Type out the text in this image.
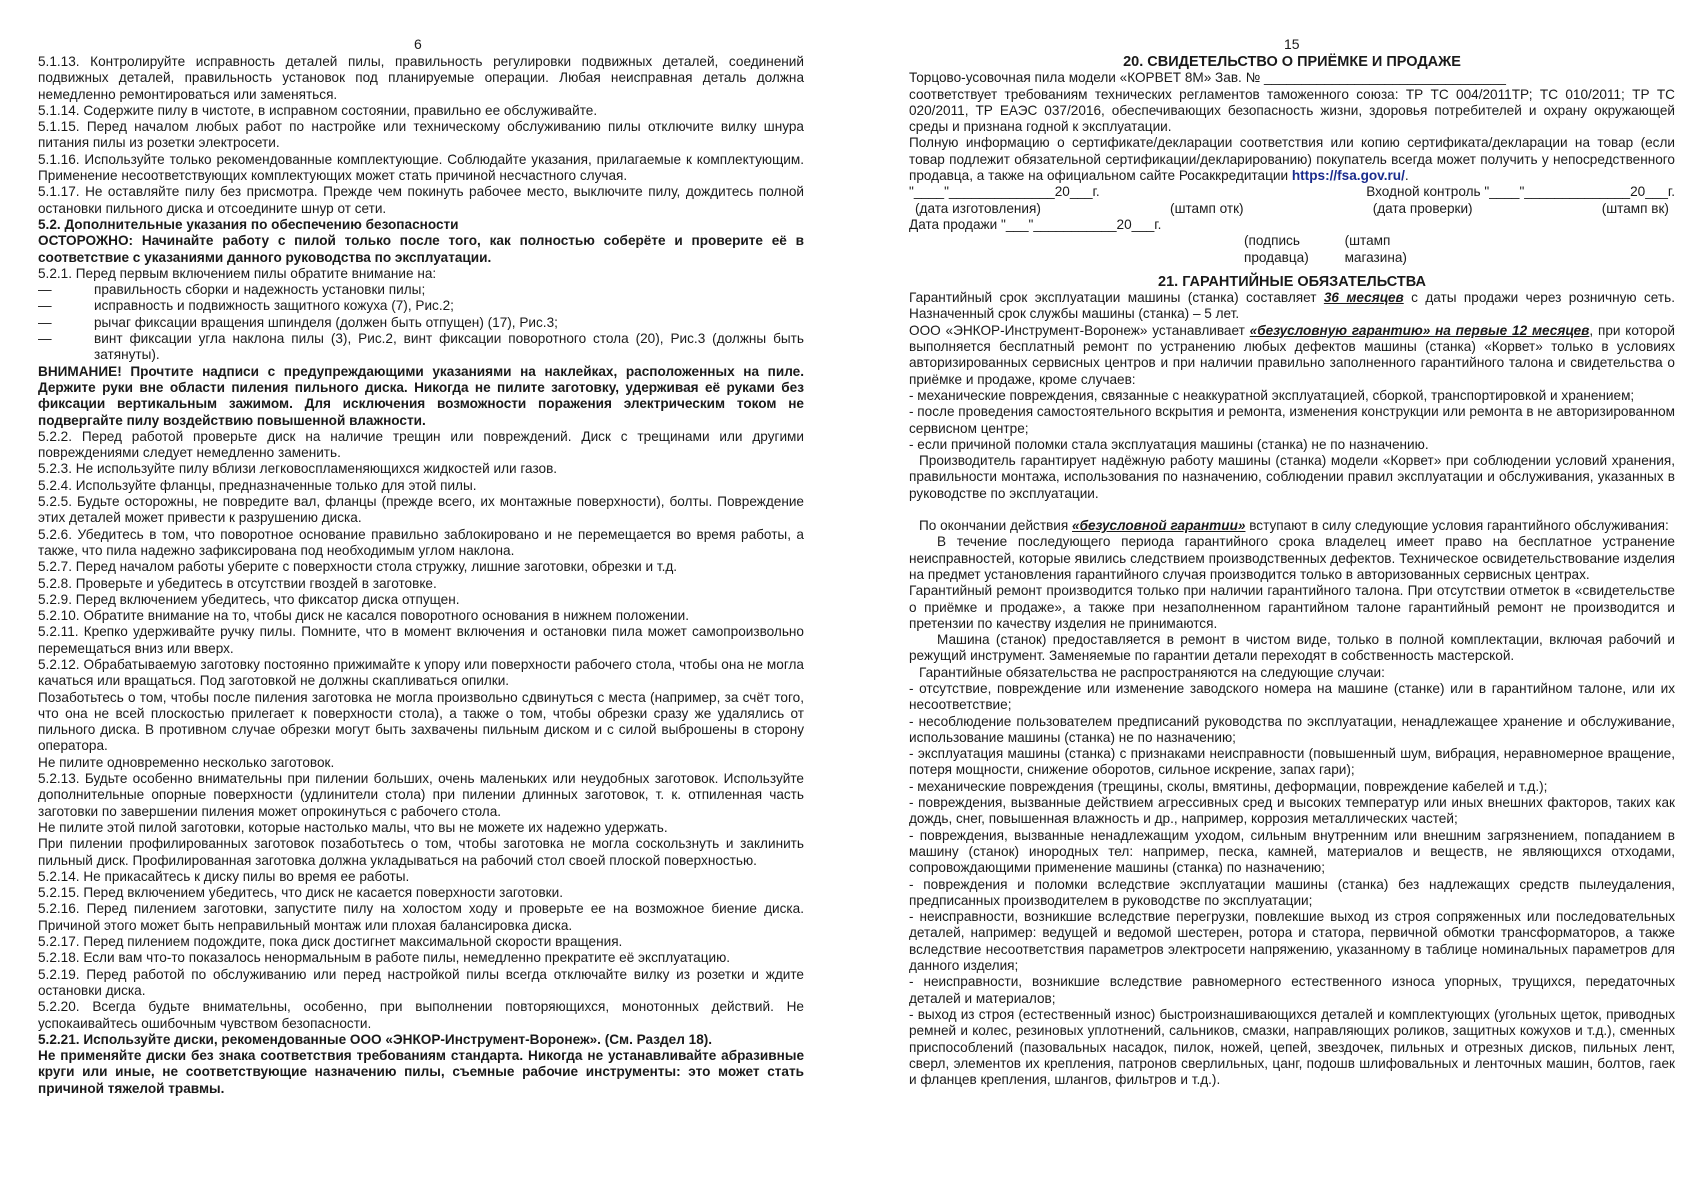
6

5.1.13. Контролируйте исправность деталей пилы, правильность регулировки подвижных деталей, соединений подвижных деталей, правильность установок под планируемые операции. Любая неисправная деталь должна немедленно ремонтироваться или заменяться.

5.1.14. Содержите пилу в чистоте, в исправном состоянии, правильно ее обслуживайте.

5.1.15. Перед началом любых работ по настройке или техническому обслуживанию пилы отключите вилку шнура питания пилы из розетки электросети.

5.1.16. Используйте только рекомендованные комплектующие. Соблюдайте указания, прилагаемые к комплектующим. Применение несоответствующих комплектующих может стать причиной несчастного случая.

5.1.17. Не оставляйте пилу без присмотра. Прежде чем покинуть рабочее место, выключите пилу, дождитесь полной остановки пильного диска и отсоедините шнур от сети.

5.2. Дополнительные указания по обеспечению безопасности

ОСТОРОЖНО: Начинайте работу с пилой только после того, как полностью соберёте и проверите её в соответствие с указаниями данного руководства по эксплуатации.

5.2.1. Перед первым включением пилы обратите внимание на:

—	правильность сборки и надежность установки пилы;
—	исправность и подвижность защитного кожуха (7), Рис.2;
—	рычаг фиксации вращения шпинделя (должен быть отпущен) (17), Рис.3;
—	винт фиксации угла наклона пилы (3), Рис.2, винт фиксации поворотного стола (20), Рис.3 (должны быть затянуты).

ВНИМАНИЕ! Прочтите надписи с предупреждающими указаниями на наклейках, расположенных на пиле. Держите руки вне области пиления пильного диска. Никогда не пилите заготовку, удерживая её руками без фиксации вертикальным зажимом. Для исключения возможности поражения электрическим током не подвергайте пилу воздействию повышенной влажности.

5.2.2. Перед работой проверьте диск на наличие трещин или повреждений. Диск с трещинами или другими повреждениями следует немедленно заменить.

5.2.3. Не используйте пилу вблизи легковоспламеняющихся жидкостей или газов.

5.2.4. Используйте фланцы, предназначенные только для этой пилы.

5.2.5. Будьте осторожны, не повредите вал, фланцы (прежде всего, их монтажные поверхности), болты. Повреждение этих деталей может привести к разрушению диска.

5.2.6. Убедитесь в том, что поворотное основание правильно заблокировано и не перемещается во время работы, а также, что пила надежно зафиксирована под необходимым углом наклона.

5.2.7. Перед началом работы уберите с поверхности стола стружку, лишние заготовки, обрезки и т.д.

5.2.8. Проверьте и убедитесь в отсутствии гвоздей в заготовке.

5.2.9. Перед включением убедитесь, что фиксатор диска отпущен.

5.2.10. Обратите внимание на то, чтобы диск не касался поворотного основания в нижнем положении.

5.2.11. Крепко удерживайте ручку пилы. Помните, что в момент включения и остановки пила может самопроизвольно перемещаться вниз или вверх.

5.2.12. Обрабатываемую заготовку постоянно прижимайте к упору или поверхности рабочего стола, чтобы она не могла качаться или вращаться. Под заготовкой не должны скапливаться опилки.

Позаботьтесь о том, чтобы после пиления заготовка не могла произвольно сдвинуться с места (например, за счёт того, что она не всей плоскостью прилегает к поверхности стола), а также о том, чтобы обрезки сразу же удалялись от пильного диска. В противном случае обрезки могут быть захвачены пильным диском и с силой выброшены в сторону оператора.

Не пилите одновременно несколько заготовок.

5.2.13. Будьте особенно внимательны при пилении больших, очень маленьких или неудобных заготовок. Используйте дополнительные опорные поверхности (удлинители стола) при пилении длинных заготовок, т. к. отпиленная часть заготовки по завершении пиления может опрокинуться с рабочего стола.

Не пилите этой пилой заготовки, которые настолько малы, что вы не можете их надежно удержать.

При пилении профилированных заготовок позаботьтесь о том, чтобы заготовка не могла соскользнуть и заклинить пильный диск. Профилированная заготовка должна укладываться на рабочий стол своей плоской поверхностью.

5.2.14. Не прикасайтесь к диску пилы во время ее работы.

5.2.15. Перед включением убедитесь, что диск не касается поверхности заготовки.

5.2.16. Перед пилением заготовки, запустите пилу на холостом ходу и проверьте ее на возможное биение диска. Причиной этого может быть неправильный монтаж или плохая балансировка диска.

5.2.17. Перед пилением подождите, пока диск достигнет максимальной скорости вращения.

5.2.18. Если вам что-то показалось ненормальным в работе пилы, немедленно прекратите её эксплуатацию.

5.2.19. Перед работой по обслуживанию или перед настройкой пилы всегда отключайте вилку из розетки и ждите остановки диска.

5.2.20. Всегда будьте внимательны, особенно, при выполнении повторяющихся, монотонных действий. Не успокаивайтесь ошибочным чувством безопасности.

5.2.21. Используйте диски, рекомендованные ООО «ЭНКОР-Инструмент-Воронеж». (См. Раздел 18).

Не применяйте диски без знака соответствия требованиям стандарта. Никогда не устанавливайте абразивные круги или иные, не соответствующие назначению пилы, съемные рабочие инструменты: это может стать причиной тяжелой травмы.

15

20. СВИДЕТЕЛЬСТВО О ПРИЁМКЕ И ПРОДАЖЕ

Торцово-усовочная пила модели «КОРВЕТ 8М» Зав. № ________________________________

соответствует требованиям технических регламентов таможенного союза: ТР ТС 004/2011ТР; ТС 010/2011; ТР ТС 020/2011, ТР ЕАЭС 037/2016, обеспечивающих безопасность жизни, здоровья потребителей и охрану окружающей среды и признана годной к эксплуатации.

Полную информацию о сертификате/декларации соответствия или копию сертификата/декларации на товар (если товар подлежит обязательной сертификации/декларированию) покупатель всегда может получить у непосредственного продавца, а также на официальном сайте Росаккредитации https://fsa.gov.ru/.

"____"______________20___г.	Входной контроль "____"______________20___г.
(дата изготовления)	(штамп отк)	(дата проверки)	(штамп вк)
Дата продажи "___"___________20___г.
(подпись продавца)
(штамп магазина)

21. ГАРАНТИЙНЫЕ ОБЯЗАТЕЛЬСТВА

Гарантийный срок эксплуатации машины (станка) составляет 36 месяцев с даты продажи через розничную сеть. Назначенный срок службы машины (станка) – 5 лет.

ООО «ЭНКОР-Инструмент-Воронеж» устанавливает «безусловную гарантию» на первые 12 месяцев, при которой выполняется бесплатный ремонт по устранению любых дефектов машины (станка) «Корвет» только в условиях авторизированных сервисных центров и при наличии правильно заполненного гарантийного талона и свидетельства о приёмке и продаже, кроме случаев:

- механические повреждения, связанные с неаккуратной эксплуатацией, сборкой, транспортировкой и хранением;

- после проведения самостоятельного вскрытия и ремонта, изменения конструкции или ремонта в не авторизированном сервисном центре;

- если причиной поломки стала эксплуатация машины (станка) не по назначению.

Производитель гарантирует надёжную работу машины (станка) модели «Корвет» при соблюдении условий хранения, правильности монтажа, использования по назначению, соблюдении правил эксплуатации и обслуживания, указанных в руководстве по эксплуатации.

По окончании действия «безусловной гарантии» вступают в силу следующие условия гарантийного обслуживания:

В течение последующего периода гарантийного срока владелец имеет право на бесплатное устранение неисправностей, которые явились следствием производственных дефектов. Техническое освидетельствование изделия на предмет установления гарантийного случая производится только в авторизованных сервисных центрах.

Гарантийный ремонт производится только при наличии гарантийного талона. При отсутствии отметок в «свидетельстве о приёмке и продаже», а также при незаполненном гарантийном талоне гарантийный ремонт не производится и претензии по качеству изделия не принимаются.

Машина (станок) предоставляется в ремонт в чистом виде, только в полной комплектации, включая рабочий и режущий инструмент. Заменяемые по гарантии детали переходят в собственность мастерской.

Гарантийные обязательства не распространяются на следующие случаи:

- отсутствие, повреждение или изменение заводского номера на машине (станке) или в гарантийном талоне, или их несоответствие;

- несоблюдение пользователем предписаний руководства по эксплуатации, ненадлежащее хранение и обслуживание, использование машины (станка) не по назначению;

- эксплуатация машины (станка) с признаками неисправности (повышенный шум, вибрация, неравномерное вращение, потеря мощности, снижение оборотов, сильное искрение, запах гари);

- механические повреждения (трещины, сколы, вмятины, деформации, повреждение кабелей и т.д.);

- повреждения, вызванные действием агрессивных сред и высоких температур или иных внешних факторов, таких как дождь, снег, повышенная влажность и др., например, коррозия металлических частей;

- повреждения, вызванные ненадлежащим уходом, сильным внутренним или внешним загрязнением, попаданием в машину (станок) инородных тел: например, песка, камней, материалов и веществ, не являющихся отходами, сопровождающими применение машины (станка) по назначению;

- повреждения и поломки вследствие эксплуатации машины (станка) без надлежащих средств пылеудаления, предписанных производителем в руководстве по эксплуатации;

- неисправности, возникшие вследствие перегрузки, повлекшие выход из строя сопряженных или последовательных деталей, например: ведущей и ведомой шестерен, ротора и статора, первичной обмотки трансформаторов, а также вследствие несоответствия параметров электросети напряжению, указанному в таблице номинальных параметров для данного изделия;

- неисправности, возникшие вследствие равномерного естественного износа упорных, трущихся, передаточных деталей и материалов;

- выход из строя (естественный износ) быстроизнашивающихся деталей и комплектующих (угольных щеток, приводных ремней и колес, резиновых уплотнений, сальников, смазки, направляющих роликов, защитных кожухов и т.д.), сменных приспособлений (пазовальных насадок, пилок, ножей, цепей, звездочек, пильных и отрезных дисков, пильных лент, сверл, элементов их крепления, патронов сверлильных, цанг, подошв шлифовальных и ленточных машин, болтов, гаек и фланцев крепления, шлангов, фильтров и т.д.).
